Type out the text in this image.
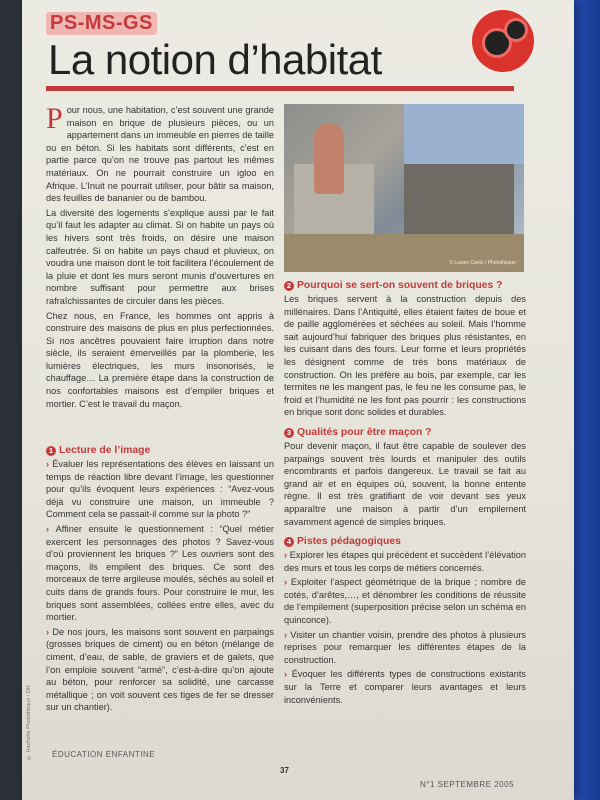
PS-MS-GS
La notion d’habitat

Pour nous, une habitation, c’est souvent une grande maison en brique de plusieurs pièces, ou un appartement dans un immeuble en pierres de taille ou en béton. Si les habitats sont différents, c’est en partie parce qu’on ne trouve pas partout les mêmes matériaux. On ne pourrait construire un igloo en Afrique. L’Inuit ne pourrait utiliser, pour bâtir sa maison, des feuilles de bananier ou de bambou.

La diversité des logements s’explique aussi par le fait qu’il faut les adapter au climat. Si on habite un pays où les hivers sont très froids, on désire une maison calfeutrée. Si on habite un pays chaud et pluvieux, on voudra une maison dont le toit facilitera l’écoulement de la pluie et dont les murs seront munis d’ouvertures en nombre suffisant pour permettre aux brises rafraîchissantes de circuler dans les pièces.

Chez nous, en France, les hommes ont appris à construire des maisons de plus en plus perfectionnées. Si nos ancêtres pouvaient faire irruption dans notre siècle, ils seraient émerveillés par la plomberie, les lumières électriques, les murs insonorisés, le chauffage… La première étape dans la construction de nos confortables maisons est d’empiler briques et mortier. C’est le travail du maçon.

1 Lecture de l’image

› Évaluer les représentations des élèves en laissant un temps de réaction libre devant l’image, les questionner pour qu’ils évoquent leurs expériences : “Avez-vous déjà vu construire une maison, un immeuble ? Comment cela se passait-il comme sur la photo ?”

› Affiner ensuite le questionnement : “Quel métier exercent les personnages des photos ? Savez-vous d’où proviennent les briques ?” Les ouvriers sont des maçons, ils empilent des briques. Ce sont des morceaux de terre argileuse moulés, séchés au soleil et cuits dans de grands fours. Pour construire le mur, les briques sont assemblées, collées entre elles, avec du mortier.

› De nos jours, les maisons sont souvent en parpaings (grosses briques de ciment) ou en béton (mélange de ciment, d’eau, de sable, de graviers et de galets, que l’on emploie souvent “armé”, c’est-à-dire qu’on ajoute au béton, pour renforcer sa solidité, une carcasse métallique ; on voit souvent ces tiges de fer se dresser sur un chantier).

© Lucien Caroli / Photothèque
2 Pourquoi se sert-on souvent de briques ?

Les briques servent à la construction depuis des millénaires. Dans l’Antiquité, elles étaient faites de boue et de paille agglomérées et séchées au soleil. Mais l’homme sait aujourd’hui fabriquer des briques plus résistantes, en les cuisant dans des fours. Leur forme et leurs propriétés les désignent comme de très bons matériaux de construction. On les préfère au bois, par exemple, car les termites ne les mangent pas, le feu ne les consume pas, le froid et l’humidité ne les font pas pourrir : les constructions en brique sont donc solides et durables.

3 Qualités pour être maçon ?

Pour devenir maçon, il faut être capable de soulever des parpaings souvent très lourds et manipuler des outils encombrants et parfois dangereux. Le travail se fait au grand air et en équipes où, souvent, la bonne entente règne. Il est très gratifiant de voir devant ses yeux apparaître une maison à partir d’un empilement savamment agencé de simples briques.

4 Pistes pédagogiques
› Explorer les étapes qui précèdent et succèdent l’élévation des murs et tous les corps de métiers concernés.
› Exploiter l’aspect géométrique de la brique ; nombre de cotés, d’arêtes,…, et dénombrer les conditions de réussite de l’empilement (superposition précise selon un schéma en quinconce).
› Visiter un chantier voisin, prendre des photos à plusieurs reprises pour remarquer les différentes étapes de la construction.
› Évoquer les différents types de constructions existants sur la Terre et comparer leurs avantages et leurs inconvénients.
© Hachette Photothèque / DR	ÉDUCATION ENFANTINE
37
N°1 SEPTEMBRE 2005
